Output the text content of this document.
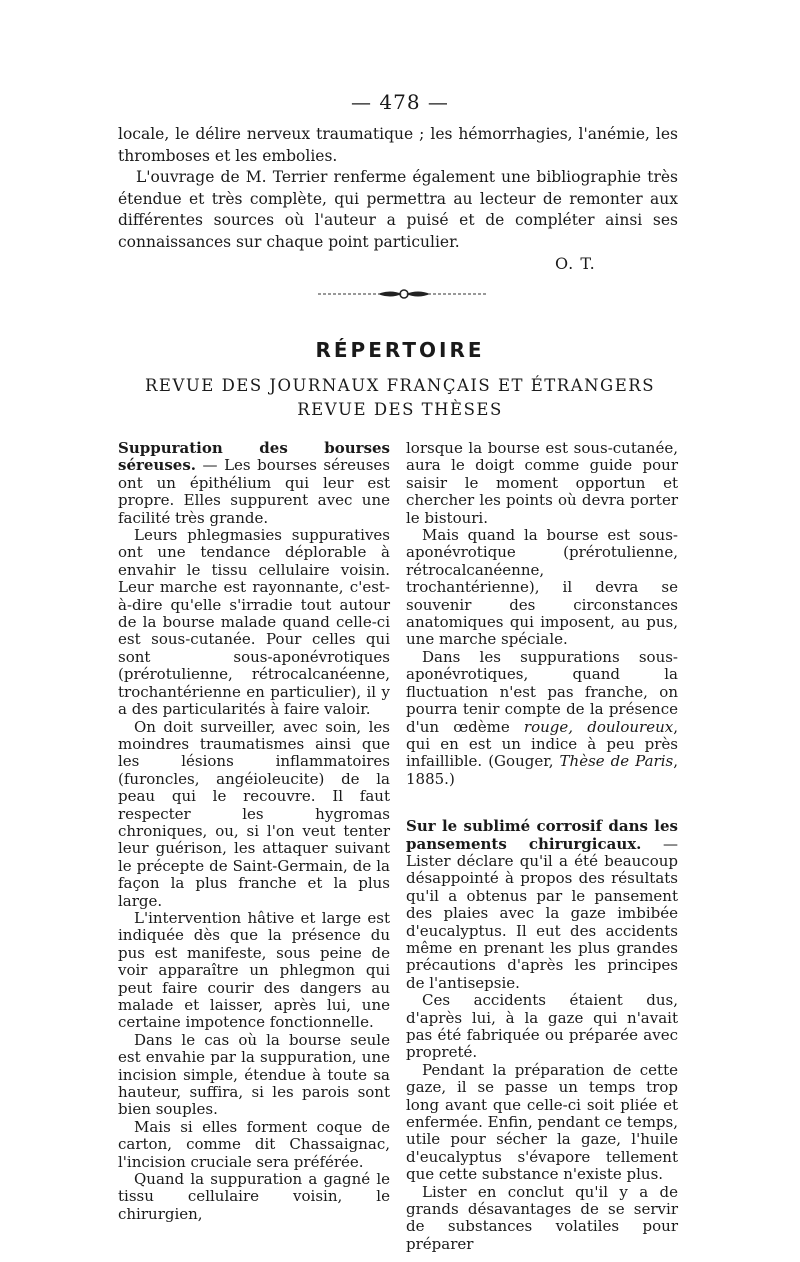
— 478 —

locale, le délire nerveux traumatique ; les hémorrhagies, l'anémie, les thromboses et les embolies.

L'ouvrage de M. Terrier renferme également une bibliographie très étendue et très complète, qui permettra au lecteur de remonter aux différentes sources où l'auteur a puisé et de compléter ainsi ses connaissances sur chaque point particulier.

O. T.
RÉPERTOIRE
REVUE DES JOURNAUX FRANÇAIS ET ÉTRANGERS
REVUE DES THÈSES

Suppuration des bourses séreuses. — Les bourses séreuses ont un épithélium qui leur est propre. Elles suppurent avec une facilité très grande.

Leurs phlegmasies suppuratives ont une tendance déplorable à envahir le tissu cellulaire voisin. Leur marche est rayonnante, c'est-à-dire qu'elle s'irradie tout autour de la bourse malade quand celle-ci est sous-cutanée. Pour celles qui sont sous-aponévrotiques (prérotulienne, rétrocalcanéenne, trochantérienne en particulier), il y a des particularités à faire valoir.

On doit surveiller, avec soin, les moindres traumatismes ainsi que les lésions inflammatoires (furoncles, angéioleucite) de la peau qui le recouvre. Il faut respecter les hygromas chroniques, ou, si l'on veut tenter leur guérison, les attaquer suivant le précepte de Saint-Germain, de la façon la plus franche et la plus large.

L'intervention hâtive et large est indiquée dès que la présence du pus est manifeste, sous peine de voir apparaître un phlegmon qui peut faire courir des dangers au malade et laisser, après lui, une certaine impotence fonctionnelle.

Dans le cas où la bourse seule est envahie par la suppuration, une incision simple, étendue à toute sa hauteur, suffira, si les parois sont bien souples.

Mais si elles forment coque de carton, comme dit Chassaignac, l'incision cruciale sera préférée.

Quand la suppuration a gagné le tissu cellulaire voisin, le chirurgien,

lorsque la bourse est sous-cutanée, aura le doigt comme guide pour saisir le moment opportun et chercher les points où devra porter le bistouri.

Mais quand la bourse est sous-aponévrotique (prérotulienne, rétrocalcanéenne, trochantérienne), il devra se souvenir des circonstances anatomiques qui imposent, au pus, une marche spéciale.

Dans les suppurations sous-aponévrotiques, quand la fluctuation n'est pas franche, on pourra tenir compte de la présence d'un œdème rouge, douloureux, qui en est un indice à peu près infaillible. (Gouger, Thèse de Paris, 1885.)

Sur le sublimé corrosif dans les pansements chirurgicaux. — Lister déclare qu'il a été beaucoup désappointé à propos des résultats qu'il a obtenus par le pansement des plaies avec la gaze imbibée d'eucalyptus. Il eut des accidents même en prenant les plus grandes précautions d'après les principes de l'antisepsie.

Ces accidents étaient dus, d'après lui, à la gaze qui n'avait pas été fabriquée ou préparée avec propreté.

Pendant la préparation de cette gaze, il se passe un temps trop long avant que celle-ci soit pliée et enfermée. Enfin, pendant ce temps, utile pour sécher la gaze, l'huile d'eucalyptus s'évapore tellement que cette substance n'existe plus.

Lister en conclut qu'il y a de grands désavantages de se servir de substances volatiles pour préparer
